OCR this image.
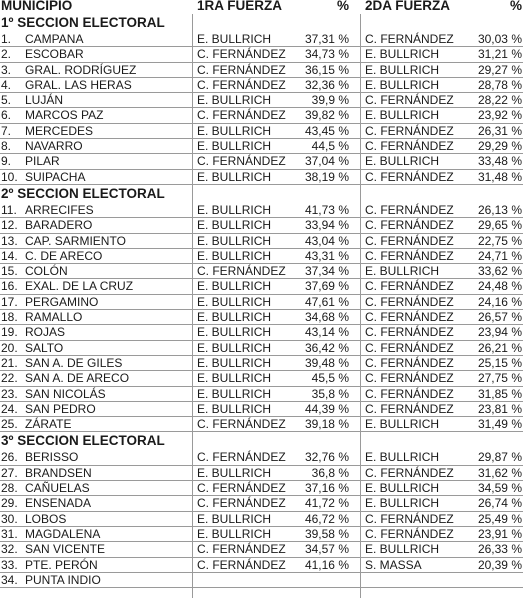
MUNICIPIO	1RA FUERZA	% 2DA FUERZA	%
1º SECCION ELECTORAL
1. CAMPANA	E. BULLRICH	37,31 % C. FERNÁNDEZ 30,03 %
2. ESCOBAR	C. FERNÁNDEZ 34,73 % E. BULLRICH	31,21 %
3. GRAL. RODRÍGUEZ	C. FERNÁNDEZ 36,15 % E. BULLRICH	29,27 %
4. GRAL. LAS HERAS	C. FERNÁNDEZ 32,36 % E. BULLRICH	28,78 %
5. LUJÁN	E. BULLRICH	39,9 % C. FERNÁNDEZ 28,22 %
6. MARCOS PAZ	C. FERNÁNDEZ 39,82 % E. BULLRICH	23,92 %
7. MERCEDES	E. BULLRICH	43,45 % C. FERNÁNDEZ 26,31 %
8. NAVARRO	E. BULLRICH	44,5 % C. FERNÁNDEZ 29,29 %
9. PILAR	C. FERNÁNDEZ 37,04 % E. BULLRICH	33,48 %
10. SUIPACHA	E. BULLRICH	38,19 % C. FERNÁNDEZ 31,48 %
2º SECCION ELECTORAL
11. ARRECIFES	E. BULLRICH	41,73 % C. FERNÁNDEZ 26,13 %
12. BARADERO	E. BULLRICH	33,94 % C. FERNÁNDEZ 29,65 %
13. CAP. SARMIENTO	E. BULLRICH	43,04 % C. FERNÁNDEZ 22,75 %
14. C. DE ARECO	E. BULLRICH	43,31 % C. FERNÁNDEZ 24,71 %
15. COLÓN	C. FERNÁNDEZ 37,34 % E. BULLRICH	33,62 %
16. EXAL. DE LA CRUZ	E. BULLRICH	37,69 % C. FERNÁNDEZ 24,48 %
17. PERGAMINO	E. BULLRICH	47,61 % C. FERNÁNDEZ 24,16 %
18. RAMALLO	E. BULLRICH	34,68 % C. FERNÁNDEZ 26,57 %
19. ROJAS	E. BULLRICH	43,14 % C. FERNÁNDEZ 23,94 %
20. SALTO	E. BULLRICH	36,42 % C. FERNÁNDEZ 26,21 %
21. SAN A. DE GILES	E. BULLRICH	39,48 % C. FERNÁNDEZ 25,15 %
22. SAN A. DE ARECO	E. BULLRICH	45,5 % C. FERNÁNDEZ 27,75 %
23. SAN NICOLÁS	E. BULLRICH	35,8 % C. FERNÁNDEZ 31,85 %
24. SAN PEDRO	E. BULLRICH	44,39 % C. FERNÁNDEZ 23,81 %
25. ZÁRATE	C. FERNÁNDEZ 39,18 % E. BULLRICH	31,49 %
3º SECCION ELECTORAL
26. BERISSO	C. FERNÁNDEZ 32,76 % E. BULLRICH	29,87 %
27. BRANDSEN	E. BULLRICH	36,8 % C. FERNÁNDEZ 31,62 %
28. CAÑUELAS	C. FERNÁNDEZ 37,16 % E. BULLRICH	34,59 %
29. ENSENADA	C. FERNÁNDEZ 41,72 % E. BULLRICH	26,74 %
30. LOBOS	E. BULLRICH	46,72 % C. FERNÁNDEZ 25,49 %
31. MAGDALENA	E. BULLRICH	39,58 % C. FERNÁNDEZ 23,91 %
32. SAN VICENTE	C. FERNÁNDEZ 34,57 % E. BULLRICH	26,33 %
33. PTE. PERÓN	C. FERNÁNDEZ 41,16 % S. MASSA	20,39 %
34. PUNTA INDIO
